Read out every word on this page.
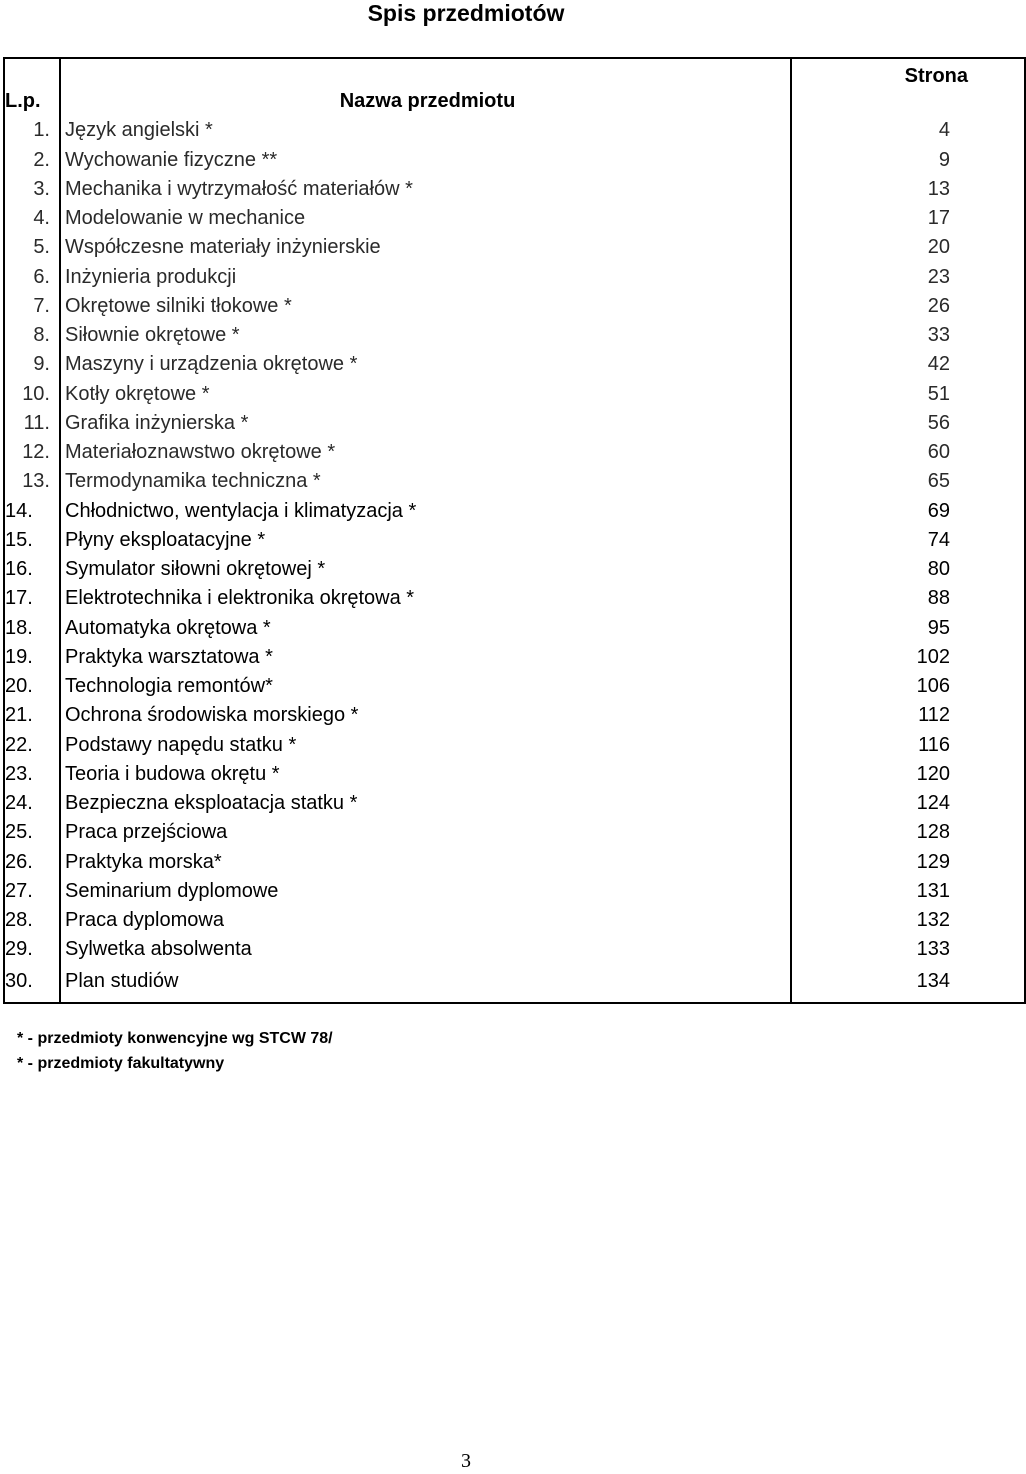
Spis przedmiotów
L.p.	Nazwa przedmiotu	Strona
1.	Język angielski *	4
2.	Wychowanie fizyczne **	9
3.	Mechanika i wytrzymałość materiałów *	13
4.	Modelowanie w mechanice	17
5.	Współczesne materiały inżynierskie	20
6.	Inżynieria produkcji	23
7.	Okrętowe silniki tłokowe *	26
8.	Siłownie okrętowe *	33
9.	Maszyny i urządzenia okrętowe *	42
10.	Kotły okrętowe *	51
11.	Grafika inżynierska *	56
12.	Materiałoznawstwo okrętowe *	60
13.	Termodynamika techniczna *	65
14.	Chłodnictwo, wentylacja i klimatyzacja *	69
15.	Płyny eksploatacyjne *	74
16.	Symulator siłowni okrętowej *	80
17.	Elektrotechnika i elektronika okrętowa *	88
18.	Automatyka okrętowa *	95
19.	Praktyka warsztatowa *	102
20.	Technologia remontów*	106
21.	Ochrona środowiska morskiego *	112
22.	Podstawy napędu statku *	116
23.	Teoria i budowa okrętu *	120
24.	Bezpieczna eksploatacja statku *	124
25.	Praca przejściowa	128
26.	Praktyka morska*	129
27.	Seminarium dyplomowe	131
28.	Praca dyplomowa	132
29.	Sylwetka absolwenta	133
30.	Plan studiów	134
* - przedmioty konwencyjne wg STCW 78/
* - przedmioty fakultatywny
3
